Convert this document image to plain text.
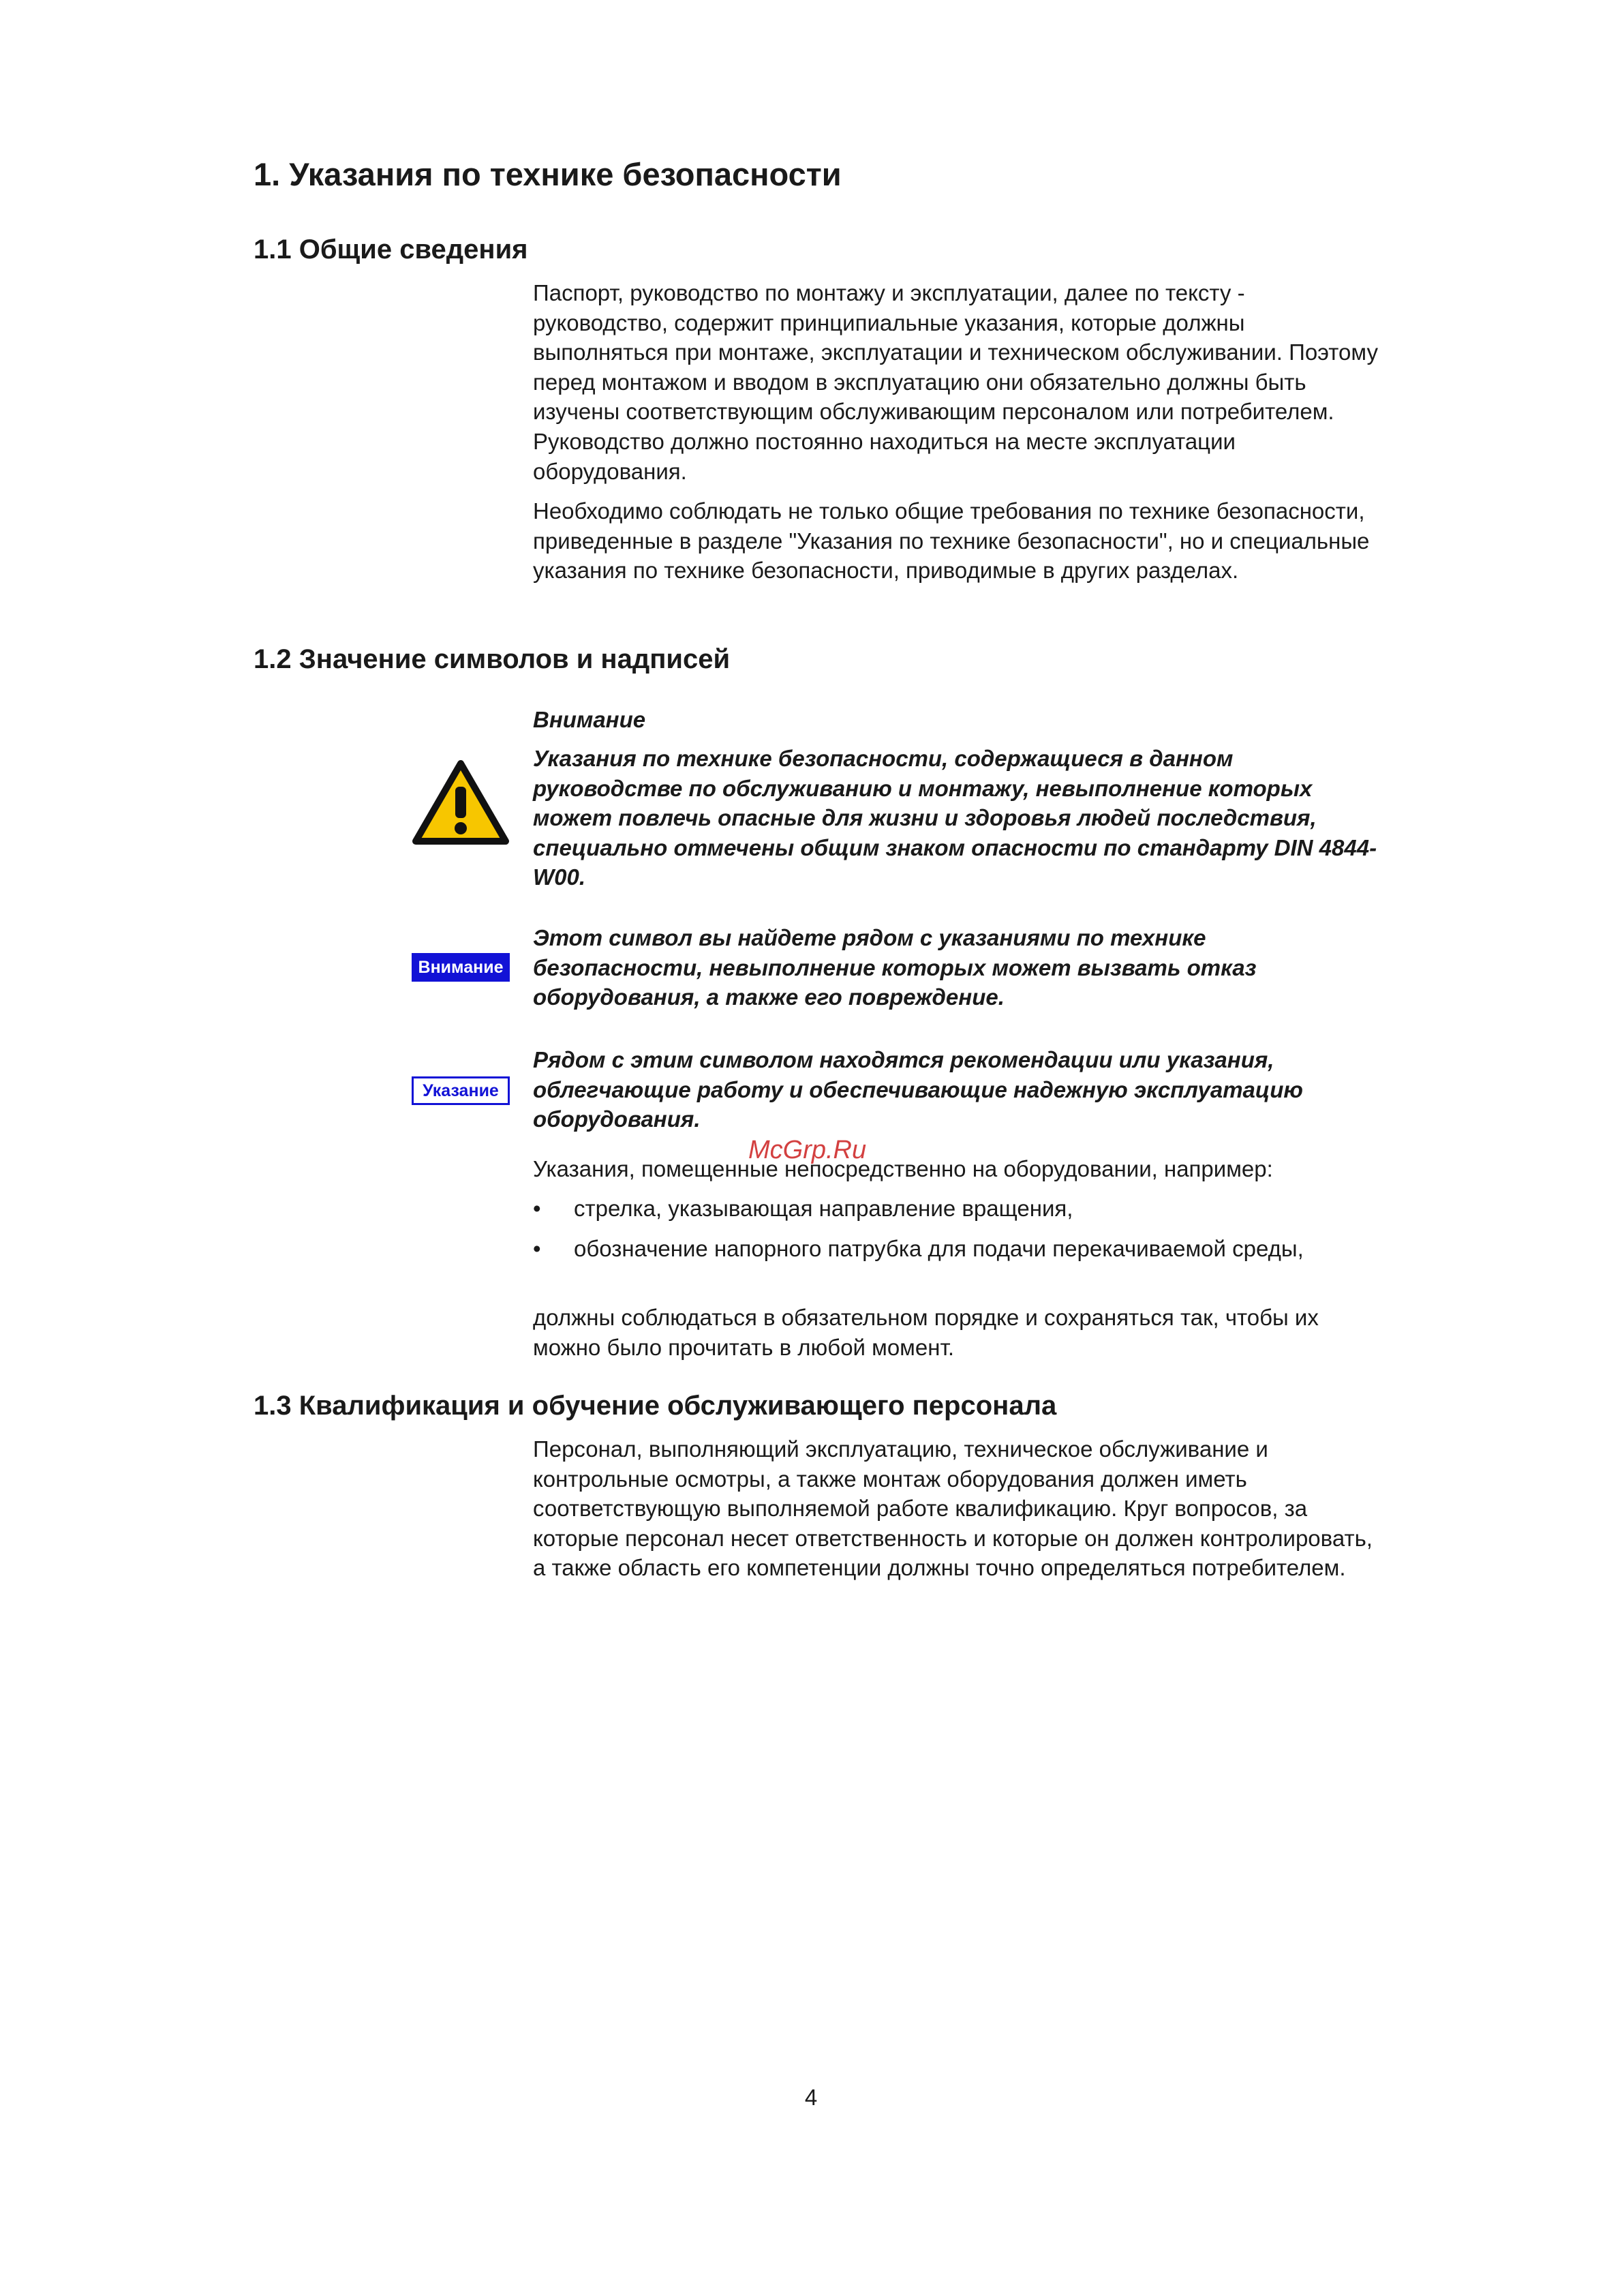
1. Указания по технике безопасности
1.1 Общие сведения

Паспорт, руководство по монтажу и эксплуатации, далее по тексту - руководство, содержит принципиальные указания, которые должны выполняться при монтаже, эксплуатации и техническом обслуживании. Поэтому перед монтажом и вводом в эксплуатацию они обязательно должны быть изучены соответствующим обслуживающим персоналом или потребителем. Руководство должно постоянно находиться на месте эксплуатации оборудования.

Необходимо соблюдать не только общие требования по технике безопасности, приведенные в разделе "Указания по технике безопасности", но и специальные указания по технике безопасности, приводимые в других разделах.

1.2 Значение символов и надписей
Внимание
Указания по технике безопасности, содержащиеся в данном руководстве по обслуживанию и монтажу, невыполнение которых может повлечь опасные для жизни и здоровья людей последствия, специально отмечены общим знаком опасности по стандарту DIN 4844-W00.
Внимание
Этот символ вы найдете рядом с указаниями по технике безопасности, невыполнение которых может вызвать отказ оборудования, а также его повреждение.
Указание
Рядом с этим символом находятся рекомендации или указания, облегчающие работу и обеспечивающие надежную эксплуатацию оборудования.
Указания, помещенные непосредственно на оборудовании, например:
• стрелка, указывающая направление вращения,
• обозначение напорного патрубка для подачи перекачиваемой среды,
должны соблюдаться в обязательном порядке и сохраняться так, чтобы их можно было прочитать в любой момент.
1.3 Квалификация и обучение обслуживающего персонала
Персонал, выполняющий эксплуатацию, техническое обслуживание и контрольные осмотры, а также монтаж оборудования должен иметь соответствующую выполняемой работе квалификацию. Круг вопросов, за которые персонал несет ответственность и которые он должен контролировать, а также область его компетенции должны точно определяться потребителем.
McGrp.Ru
4
